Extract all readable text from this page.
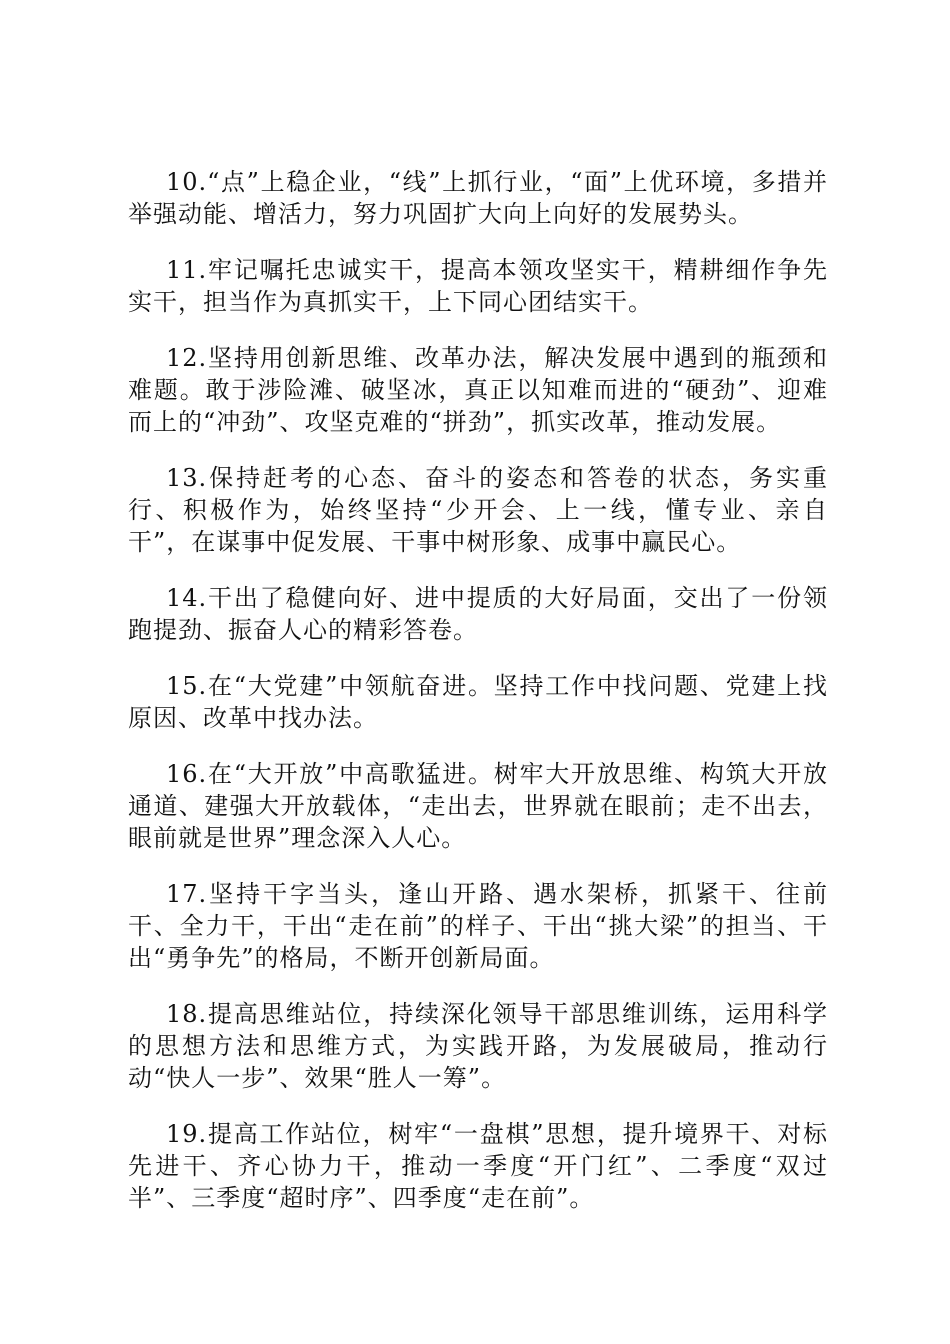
10.“点”上稳企业，“线”上抓行业，“面”上优环境，多措并举强动能、增活力，努力巩固扩大向上向好的发展势头。

11.牢记嘱托忠诚实干，提高本领攻坚实干，精耕细作争先实干，担当作为真抓实干，上下同心团结实干。

12.坚持用创新思维、改革办法，解决发展中遇到的瓶颈和难题。敢于涉险滩、破坚冰，真正以知难而进的“硬劲”、迎难而上的“冲劲”、攻坚克难的“拼劲”，抓实改革，推动发展。

13.保持赶考的心态、奋斗的姿态和答卷的状态，务实重行、积极作为，始终坚持“少开会、上一线，懂专业、亲自干”，在谋事中促发展、干事中树形象、成事中赢民心。

14.干出了稳健向好、进中提质的大好局面，交出了一份领跑提劲、振奋人心的精彩答卷。

15.在“大党建”中领航奋进。坚持工作中找问题、党建上找原因、改革中找办法。

16.在“大开放”中高歌猛进。树牢大开放思维、构筑大开放通道、建强大开放载体，“走出去，世界就在眼前；走不出去，眼前就是世界”理念深入人心。

17.坚持干字当头，逢山开路、遇水架桥，抓紧干、往前干、全力干，干出“走在前”的样子、干出“挑大梁”的担当、干出“勇争先”的格局，不断开创新局面。

18.提高思维站位，持续深化领导干部思维训练，运用科学的思想方法和思维方式，为实践开路，为发展破局，推动行动“快人一步”、效果“胜人一筹”。

19.提高工作站位，树牢“一盘棋”思想，提升境界干、对标先进干、齐心协力干，推动一季度“开门红”、二季度“双过半”、三季度“超时序”、四季度“走在前”。
